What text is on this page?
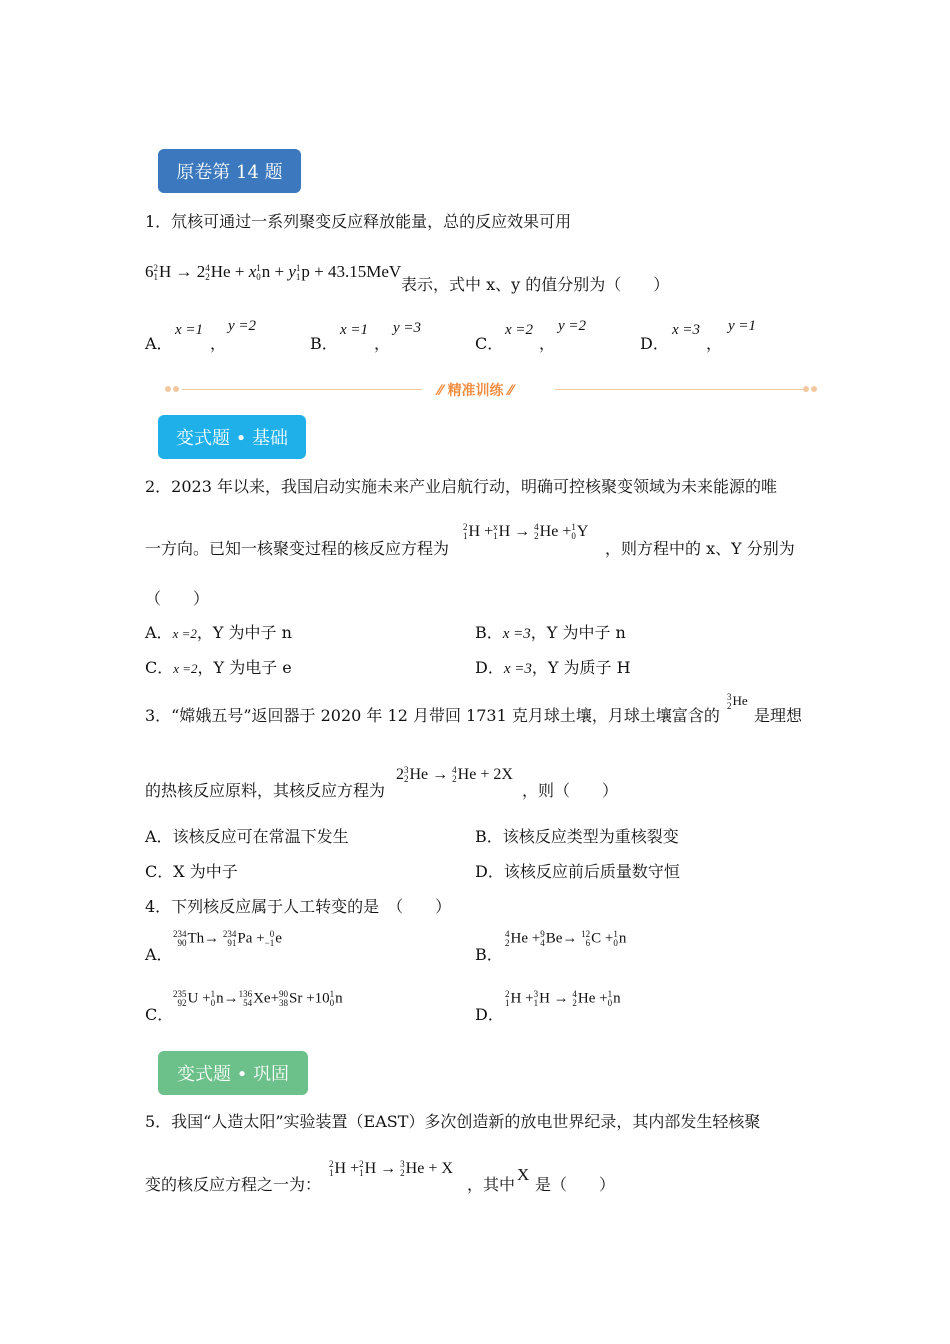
原卷第 14 题
1．氘核可通过一系列聚变反应释放能量，总的反应效果可用
6 2
1 H → 2 4
2 He + x 1
0 n + y 1
1 p + 43.15MeV
表示，式中 x、y 的值分别为（　　）
A．
x =1
，
y =2
B．
x =1
，
y =3
C．
x =2
，
y =2
D．
x =3
，
y =1
⁄⁄ 精准训练 ⁄⁄
变式题 • 基础
2．2023 年以来，我国启动实施未来产业启航行动，明确可控核聚变领域为未来能源的唯
一方向。已知一核聚变过程的核反应方程为
2
1 H + x
1 H → 4
2 He + 1
0 Y
，则方程中的 x、Y 分别为
（　　）
A．x =2，Y 为中子 n	B．x =3，Y 为中子 n
C．x =2，Y 为电子 e	D．x =3，Y 为质子 H
3．“嫦娥五号”返回器于 2020 年 12 月带回 1731 克月球土壤，月球土壤富含的
3
2 He
是理想
的热核反应原料，其核反应方程为
2 3
2 He → 4
2 He + 2X
，则（　　）
A．该核反应可在常温下发生	B．该核反应类型为重核裂变
C．X 为中子	D．该核反应前后质量数守恒
4．下列核反应属于人工转变的是　（　　）
A．
234
90 Th→ 234
91 Pa + 0
−1 e
B．
4
2 He + 9
4 Be→ 12
6 C + 1
0 n
C．
235
92 U + 1
0 n→ 136
54 Xe+ 90
38 Sr +10 1
0 n
D．
2
1 H + 3
1 H → 4
2 He + 1
0 n
变式题 • 巩固
5．我国“人造太阳”实验装置（EAST）多次创造新的放电世界纪录，其内部发生轻核聚
变的核反应方程之一为：
2
1 H + 2
1 H → 3
2 He + X
，其中
X
是（　　）
